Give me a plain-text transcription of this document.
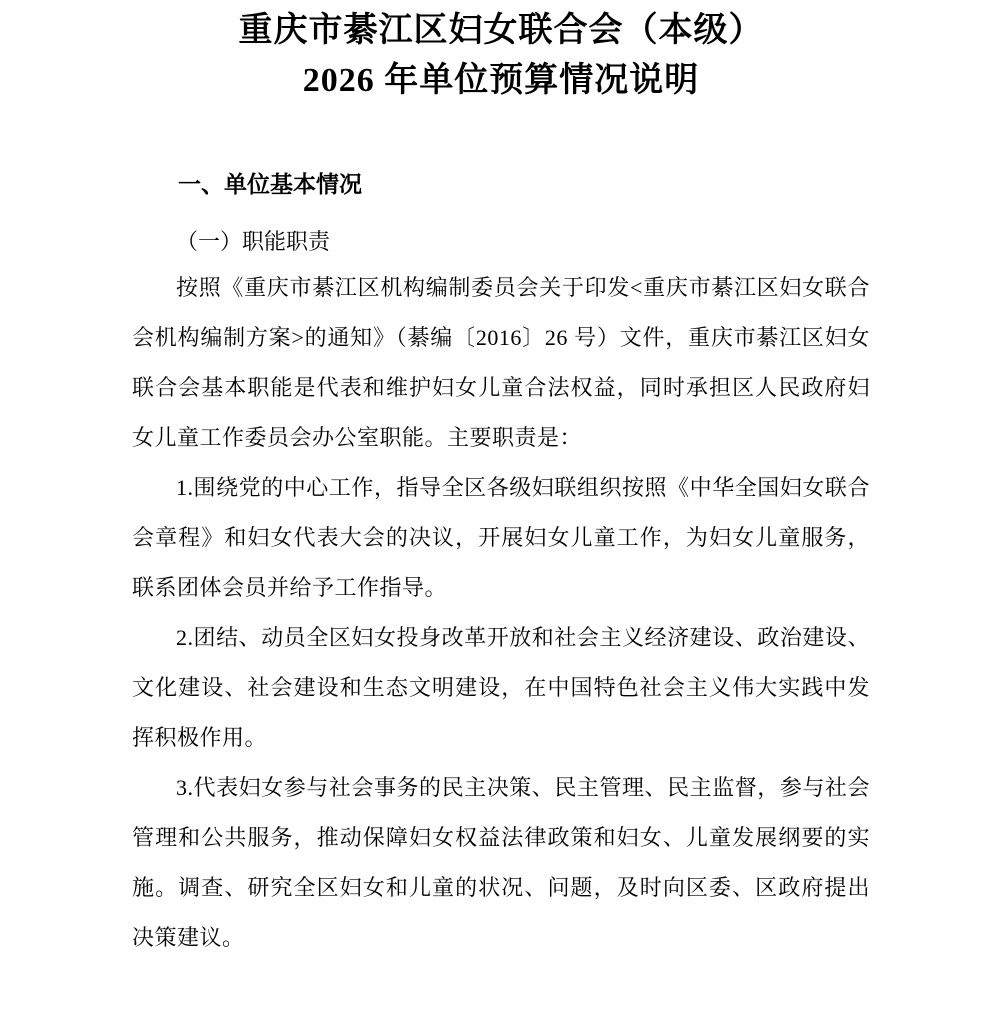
重庆市綦江区妇女联合会（本级）
2026 年单位预算情况说明
一、单位基本情况
（一）职能职责

按照《重庆市綦江区机构编制委员会关于印发<重庆市綦江区妇女联合会机构编制方案>的通知》（綦编〔2016〕26 号）文件，重庆市綦江区妇女联合会基本职能是代表和维护妇女儿童合法权益，同时承担区人民政府妇女儿童工作委员会办公室职能。主要职责是：

1.围绕党的中心工作，指导全区各级妇联组织按照《中华全国妇女联合会章程》和妇女代表大会的决议，开展妇女儿童工作，为妇女儿童服务，联系团体会员并给予工作指导。

2.团结、动员全区妇女投身改革开放和社会主义经济建设、政治建设、文化建设、社会建设和生态文明建设，在中国特色社会主义伟大实践中发挥积极作用。

3.代表妇女参与社会事务的民主决策、民主管理、民主监督，参与社会管理和公共服务，推动保障妇女权益法律政策和妇女、儿童发展纲要的实施。调查、研究全区妇女和儿童的状况、问题，及时向区委、区政府提出决策建议。
